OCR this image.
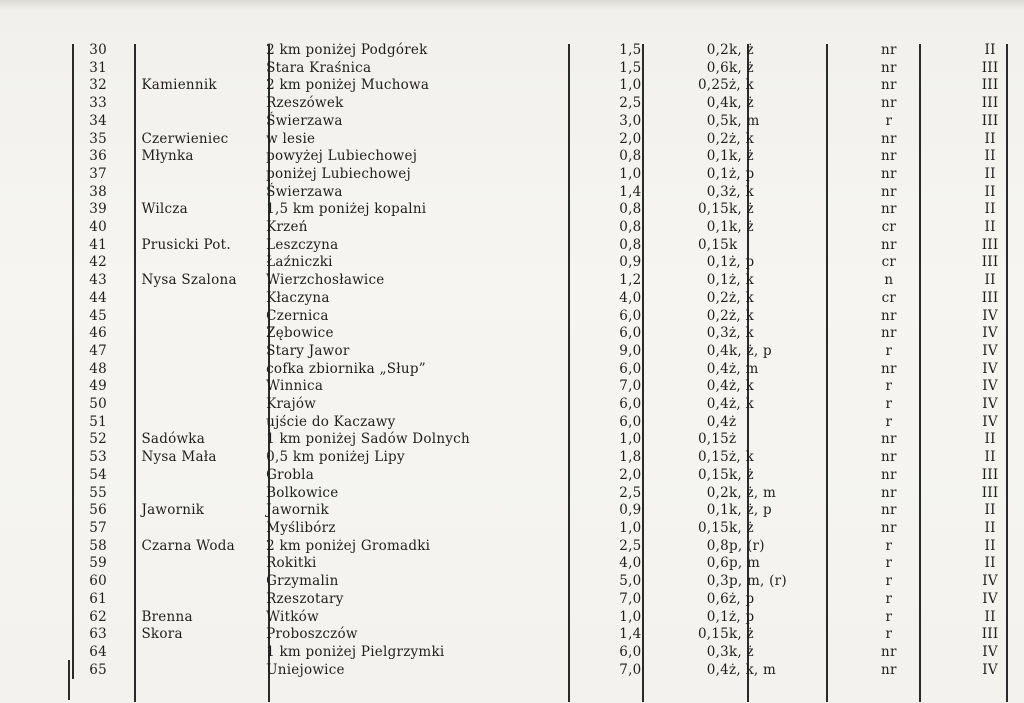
30			2 km poniżej Podgórek	1,5	0,2	k, ż	nr	II
31			Stara Kraśnica	1,5	0,6	k, ż	nr	III
32		Kamiennik	2 km poniżej Muchowa	1,0	0,25	ż, k	nr	III
33			Rzeszówek	2,5	0,4	k, ż	nr	III
34			Świerzawa	3,0	0,5	k, m	r	III
35		Czerwieniec	w lesie	2,0	0,2	ż, k	nr	II
36		Młynka	powyżej Lubiechowej	0,8	0,1	k, ż	nr	II
37			poniżej Lubiechowej	1,0	0,1	ż, p	nr	II
38			Świerzawa	1,4	0,3	ż, k	nr	II
39		Wilcza	1,5 km poniżej kopalni	0,8	0,15	k, ż	nr	II
40			Krzeń	0,8	0,1	k, ż	cr	II
41		Prusicki Pot.	Leszczyna	0,8	0,15	k	nr	III
42			Łaźniczki	0,9	0,1	ż, p	cr	III
43		Nysa Szalona	Wierzchosławice	1,2	0,1	ż, k	n	II
44			Kłaczyna	4,0	0,2	ż, k	cr	III
45			Czernica	6,0	0,2	ż, k	nr	IV
46			Zębowice	6,0	0,3	ż, k	nr	IV
47			Stary Jawor	9,0	0,4	k, ż, p	r	IV
48			cofka zbiornika „Słup”	6,0	0,4	ż, m	nr	IV
49			Winnica	7,0	0,4	ż, k	r	IV
50			Krajów	6,0	0,4	ż, k	r	IV
51			ujście do Kaczawy	6,0	0,4	ż	r	IV
52		Sadówka	1 km poniżej Sadów Dolnych	1,0	0,15	ż	nr	II
53		Nysa Mała	0,5 km poniżej Lipy	1,8	0,15	ż, k	nr	II
54			Grobla	2,0	0,15	k, ż	nr	III
55			Bolkowice	2,5	0,2	k, ż, m	nr	III
56		Jawornik	Jawornik	0,9	0,1	k, ż, p	nr	II
57			Myślibórz	1,0	0,15	k, ż	nr	II
58		Czarna Woda	2 km poniżej Gromadki	2,5	0,8	p, (r)	r	II
59			Rokitki	4,0	0,6	p, m	r	II
60			Grzymalin	5,0	0,3	p, m, (r)	r	IV
61			Rzeszotary	7,0	0,6	ż, p	r	IV
62		Brenna	Witków	1,0	0,1	ż, p	r	II
63		Skora	Proboszczów	1,4	0,15	k, ż	r	III
64			1 km poniżej Pielgrzymki	6,0	0,3	k, ż	nr	IV
65			Uniejowice	7,0	0,4	ż, k, m	nr	IV
